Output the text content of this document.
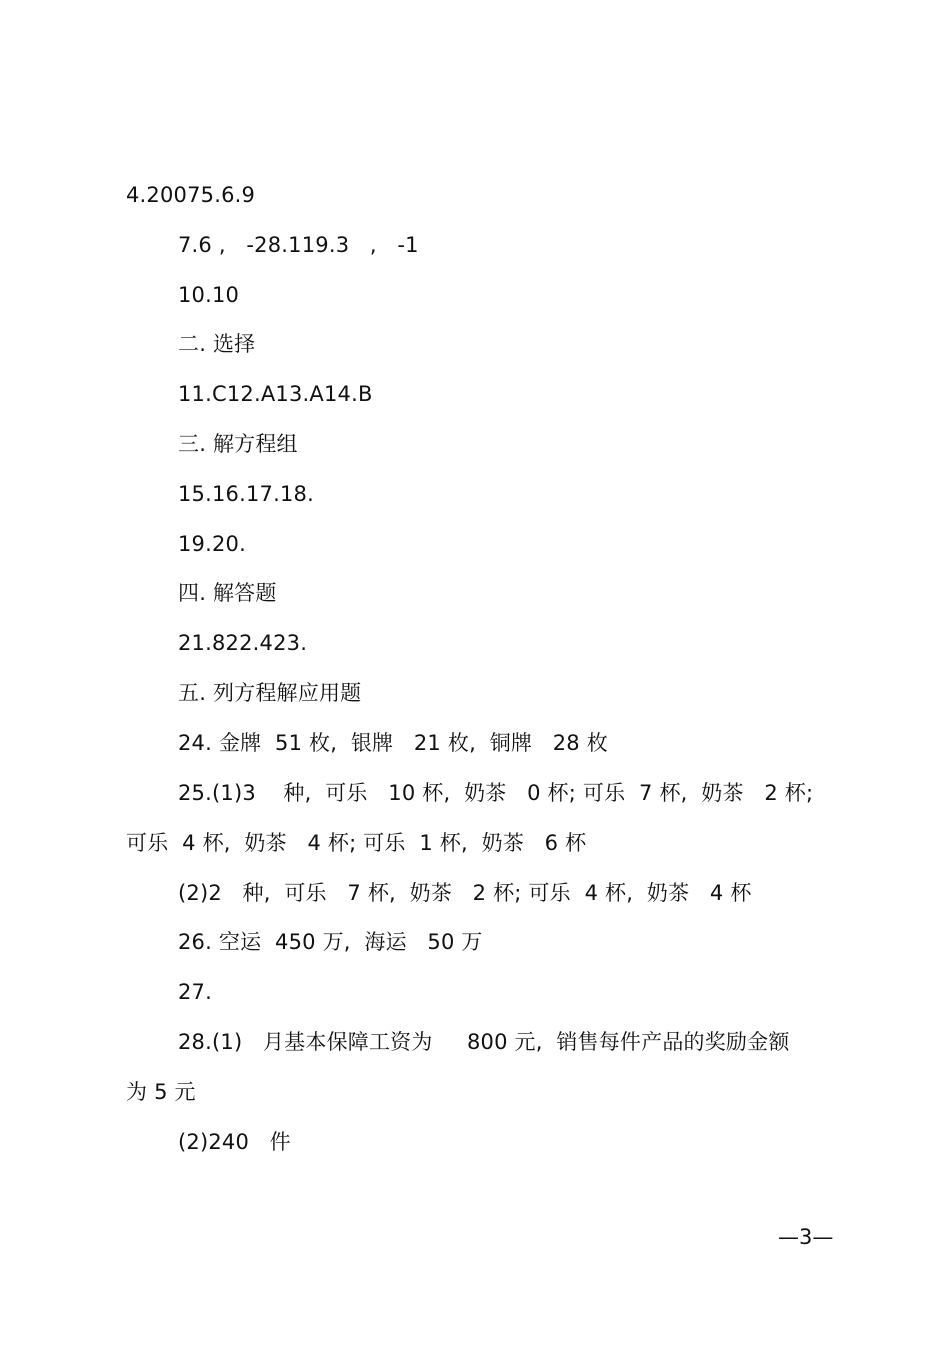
4.20075.6.9
7.6 ,   -28.119.3   ,   -1
10.10
二. 选择
11.C12.A13.A14.B
三. 解方程组
15.16.17.18.
19.20.
四. 解答题
21.822.423.
五. 列方程解应用题
24. 金牌  51 枚,  银牌   21 枚,  铜牌   28 枚
25.(1)3    种,  可乐   10 杯,  奶茶   0 杯; 可乐  7 杯,  奶茶   2 杯;
可乐  4 杯,  奶茶   4 杯; 可乐  1 杯,  奶茶   6 杯
(2)2   种,  可乐   7 杯,  奶茶   2 杯; 可乐  4 杯,  奶茶   4 杯
26. 空运  450 万,  海运   50 万
27.
28.(1)   月基本保障工资为     800 元,  销售每件产品的奖励金额
为 5 元
(2)240   件
—3—
